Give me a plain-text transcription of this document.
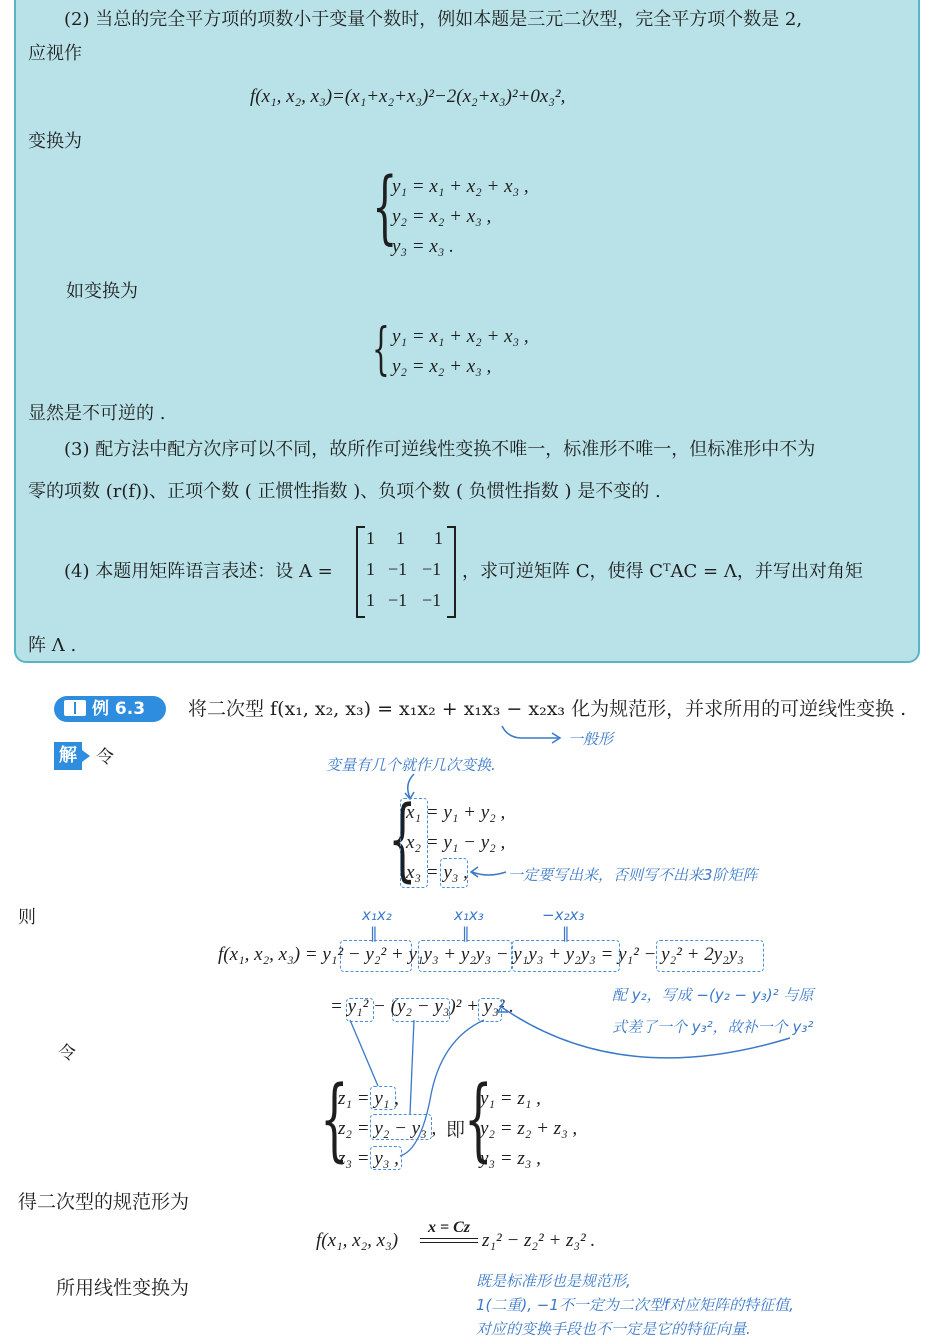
(2) 当总的完全平方项的项数小于变量个数时，例如本题是三元二次型，完全平方项个数是 2,
应视作
f(x₁, x₂, x₃)=(x₁+x₂+x₃)²−2(x₂+x₃)²+0x₃²,
变换为
{
y₁ = x₁ + x₂ + x₃ ,
y₂ = x₂ + x₃ ,
y₃ = x₃ .
如变换为
{ y₁ = x₁ + x₂ + x₃ ,
y₂ = x₂ + x₃ ,
显然是不可逆的 .
(3) 配方法中配方次序可以不同，故所作可逆线性变换不唯一，标准形不唯一，但标准形中不为
零的项数 (r(f))、正项个数 ( 正惯性指数 )、负项个数 ( 负惯性指数 ) 是不变的 .
(4) 本题用矩阵语言表述：设 A =
1 1 1
1 −1 −1
1 −1 −1
，求可逆矩阵 C，使得 CᵀAC = Λ，并写出对角矩
阵 Λ .
例 6.3	将二次型 f(x₁, x₂, x₃) = x₁x₂ + x₁x₃ − x₂x₃ 化为规范形，并求所用的可逆线性变换 .
一般形
解 令	变量有几个就作几次变换.
{
x₁ = y₁ + y₂ ,
x₂ = y₁ − y₂ ,
x₃ = y₃ ,	一定要写出来，否则写不出来3阶矩阵
则	x₁x₂	x₁x₃	−x₂x₃
‖	‖	‖
f(x₁, x₂, x₃) = y₁² − y₂² + y₁y₃ + y₂y₃ − y₁y₃ + y₂y₃ = y₁² − y₂² + 2y₂y₃
= y₁² − (y₂ − y₃)² + y₃² .
配 y₂，写成 −(y₂ − y₃)² 与原
式差了一个 y₃²，故补一个 y₃²
令
{
z₁ = y₁ ,
z₂ = y₂ − y₃ ,
z₃ = y₃ ,
即
{
y₁ = z₁ ,
y₂ = z₂ + z₃ ,
y₃ = z₃ ,
得二次型的规范形为
x = Cz
f(x₁, x₂, x₃)	z₁² − z₂² + z₃² .
所用线性变换为	既是标准形也是规范形,
1(二重), −1不一定为二次型f对应矩阵的特征值,
对应的变换手段也不一定是它的特征向量.
